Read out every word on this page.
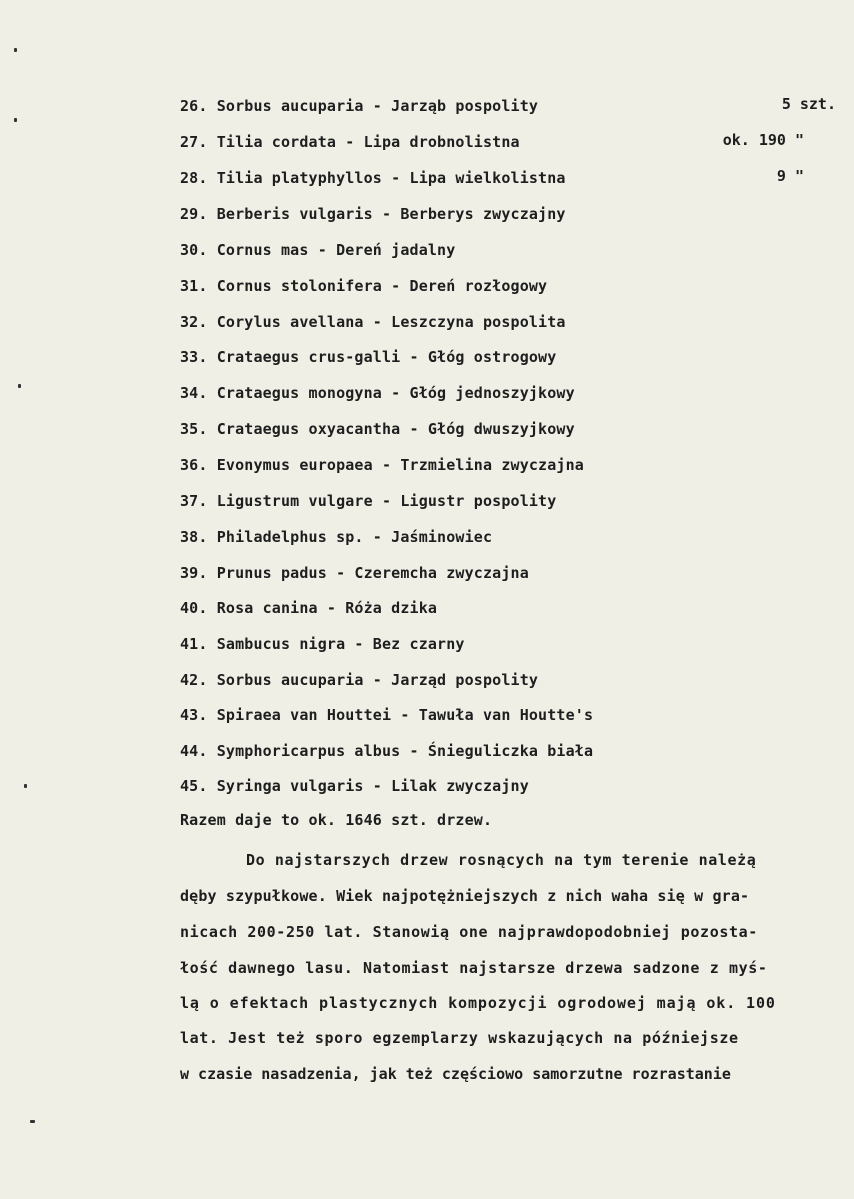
26. Sorbus aucuparia - Jarząb pospolity	5 szt.
27. Tilia cordata - Lipa drobnolistna	ok. 190 "
28. Tilia platyphyllos - Lipa wielkolistna	9 "
29. Berberis vulgaris - Berberys zwyczajny
30. Cornus mas - Dereń jadalny
31. Cornus stolonifera - Dereń rozłogowy
32. Corylus avellana - Leszczyna pospolita
33. Crataegus crus-galli - Głóg ostrogowy
34. Crataegus monogyna - Głóg jednoszyjkowy
35. Crataegus oxyacantha - Głóg dwuszyjkowy
36. Evonymus europaea - Trzmielina zwyczajna
37. Ligustrum vulgare - Ligustr pospolity
38. Philadelphus sp. - Jaśminowiec
39. Prunus padus - Czeremcha zwyczajna
40. Rosa canina - Róża dzika
41. Sambucus nigra - Bez czarny
42. Sorbus aucuparia - Jarząd pospolity
43. Spiraea van Houttei - Tawuła van Houtte's
44. Symphoricarpus albus - Śnieguliczka biała
45. Syringa vulgaris - Lilak zwyczajny
Razem daje to ok. 1646 szt. drzew.
Do najstarszych drzew rosnących na tym terenie należą
dęby szypułkowe. Wiek najpotężniejszych z nich waha się w gra-
nicach 200-250 lat. Stanowią one najprawdopodobniej pozosta-
łość dawnego lasu. Natomiast najstarsze drzewa sadzone z myś-
lą o efektach plastycznych kompozycji ogrodowej mają ok. 100
lat. Jest też sporo egzemplarzy wskazujących na późniejsze
w czasie nasadzenia, jak też częściowo samorzutne rozrastanie
